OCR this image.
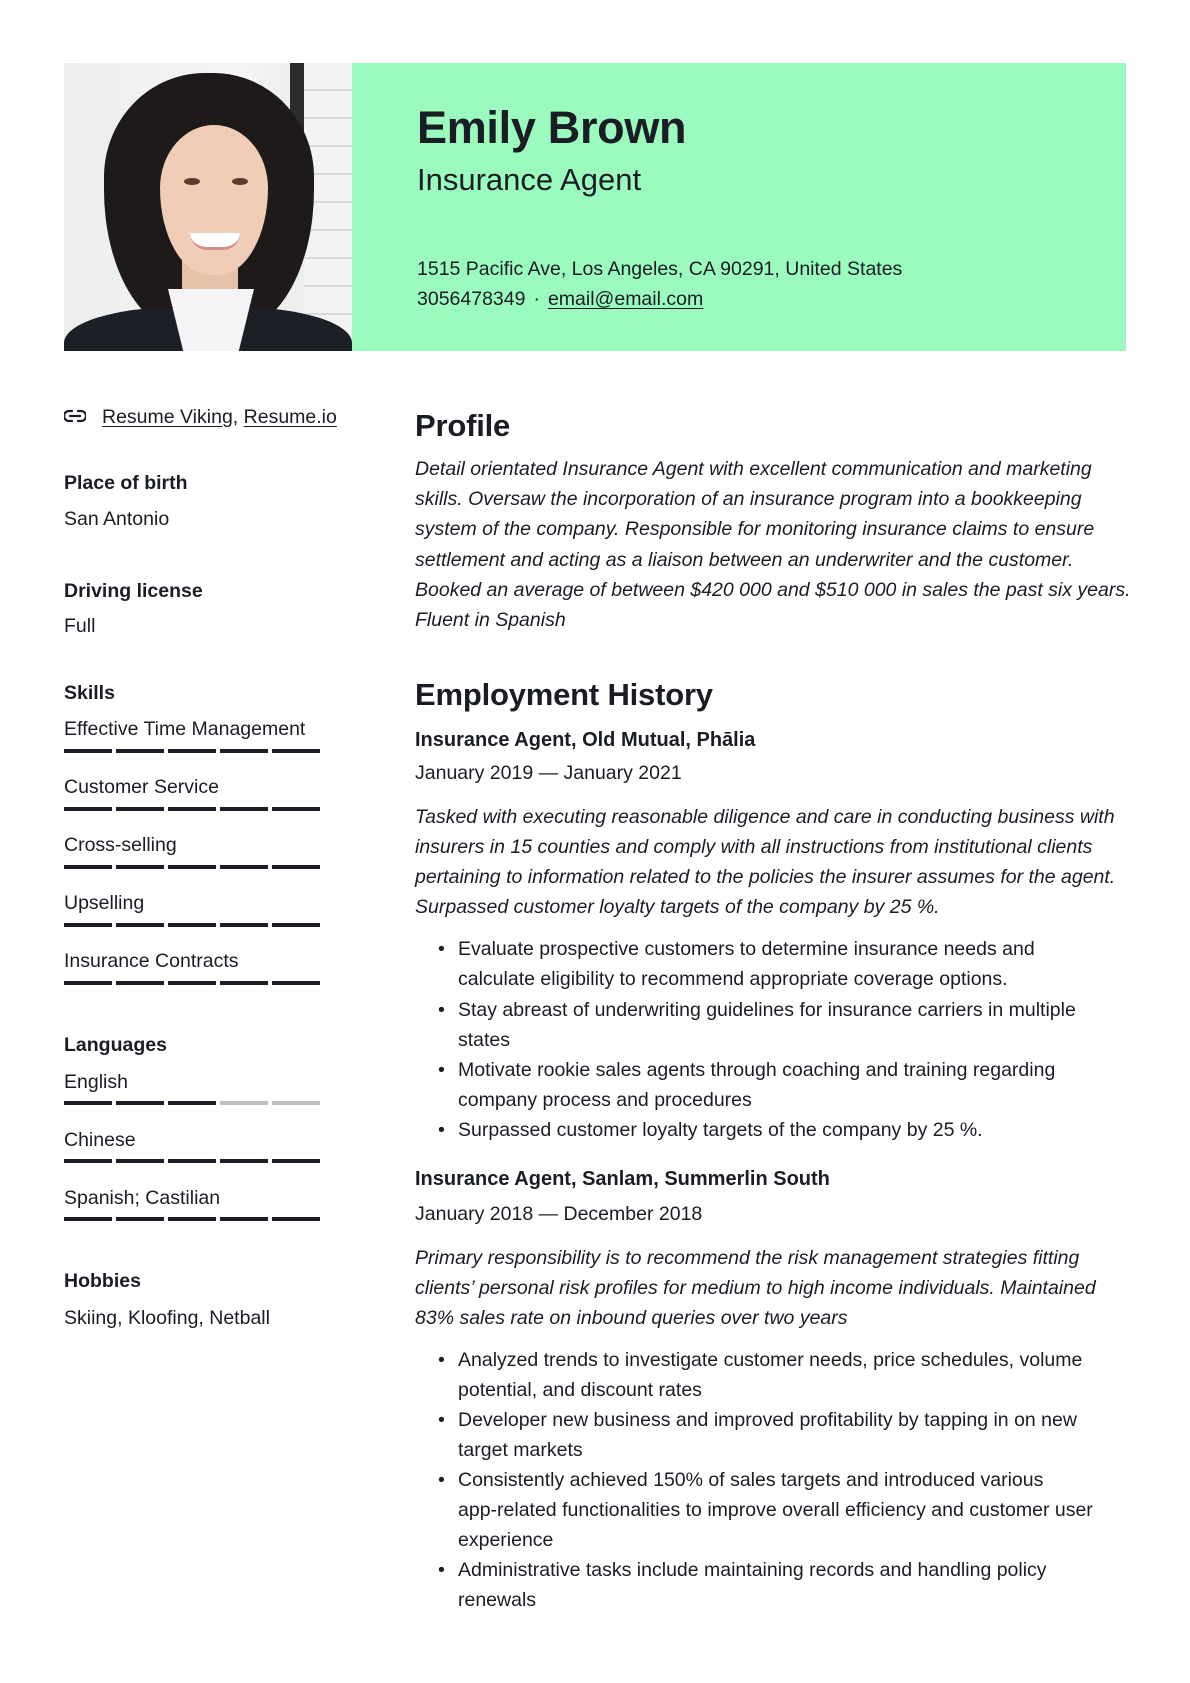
Emily Brown
Insurance Agent
1515 Pacific Ave, Los Angeles, CA 90291, United States
3056478349 · email@email.com
Resume Viking, Resume.io
Place of birth
San Antonio
Driving license
Full
Skills
Effective Time Management
Customer Service
Cross-selling
Upselling
Insurance Contracts
Languages
English
Chinese
Spanish; Castilian
Hobbies
Skiing, Kloofing, Netball
Profile
Detail orientated Insurance Agent with excellent communication and marketing
skills. Oversaw the incorporation of an insurance program into a bookkeeping
system of the company. Responsible for monitoring insurance claims to ensure
settlement and acting as a liaison between an underwriter and the customer.
Booked an average of between $420 000 and $510 000 in sales the past six years.
Fluent in Spanish
Employment History
Insurance Agent, Old Mutual, Phālia
January 2019 — January 2021
Tasked with executing reasonable diligence and care in conducting business with
insurers in 15 counties and comply with all instructions from institutional clients
pertaining to information related to the policies the insurer assumes for the agent.
Surpassed customer loyalty targets of the company by 25 %.
• Evaluate prospective customers to determine insurance needs and
calculate eligibility to recommend appropriate coverage options.
• Stay abreast of underwriting guidelines for insurance carriers in multiple
states
• Motivate rookie sales agents through coaching and training regarding
company process and procedures
• Surpassed customer loyalty targets of the company by 25 %.
Insurance Agent, Sanlam, Summerlin South
January 2018 — December 2018
Primary responsibility is to recommend the risk management strategies fitting
clients’ personal risk profiles for medium to high income individuals. Maintained
83% sales rate on inbound queries over two years
• Analyzed trends to investigate customer needs, price schedules, volume
potential, and discount rates
• Developer new business and improved profitability by tapping in on new
target markets
• Consistently achieved 150% of sales targets and introduced various
app-related functionalities to improve overall efficiency and customer user
experience
• Administrative tasks include maintaining records and handling policy
renewals
